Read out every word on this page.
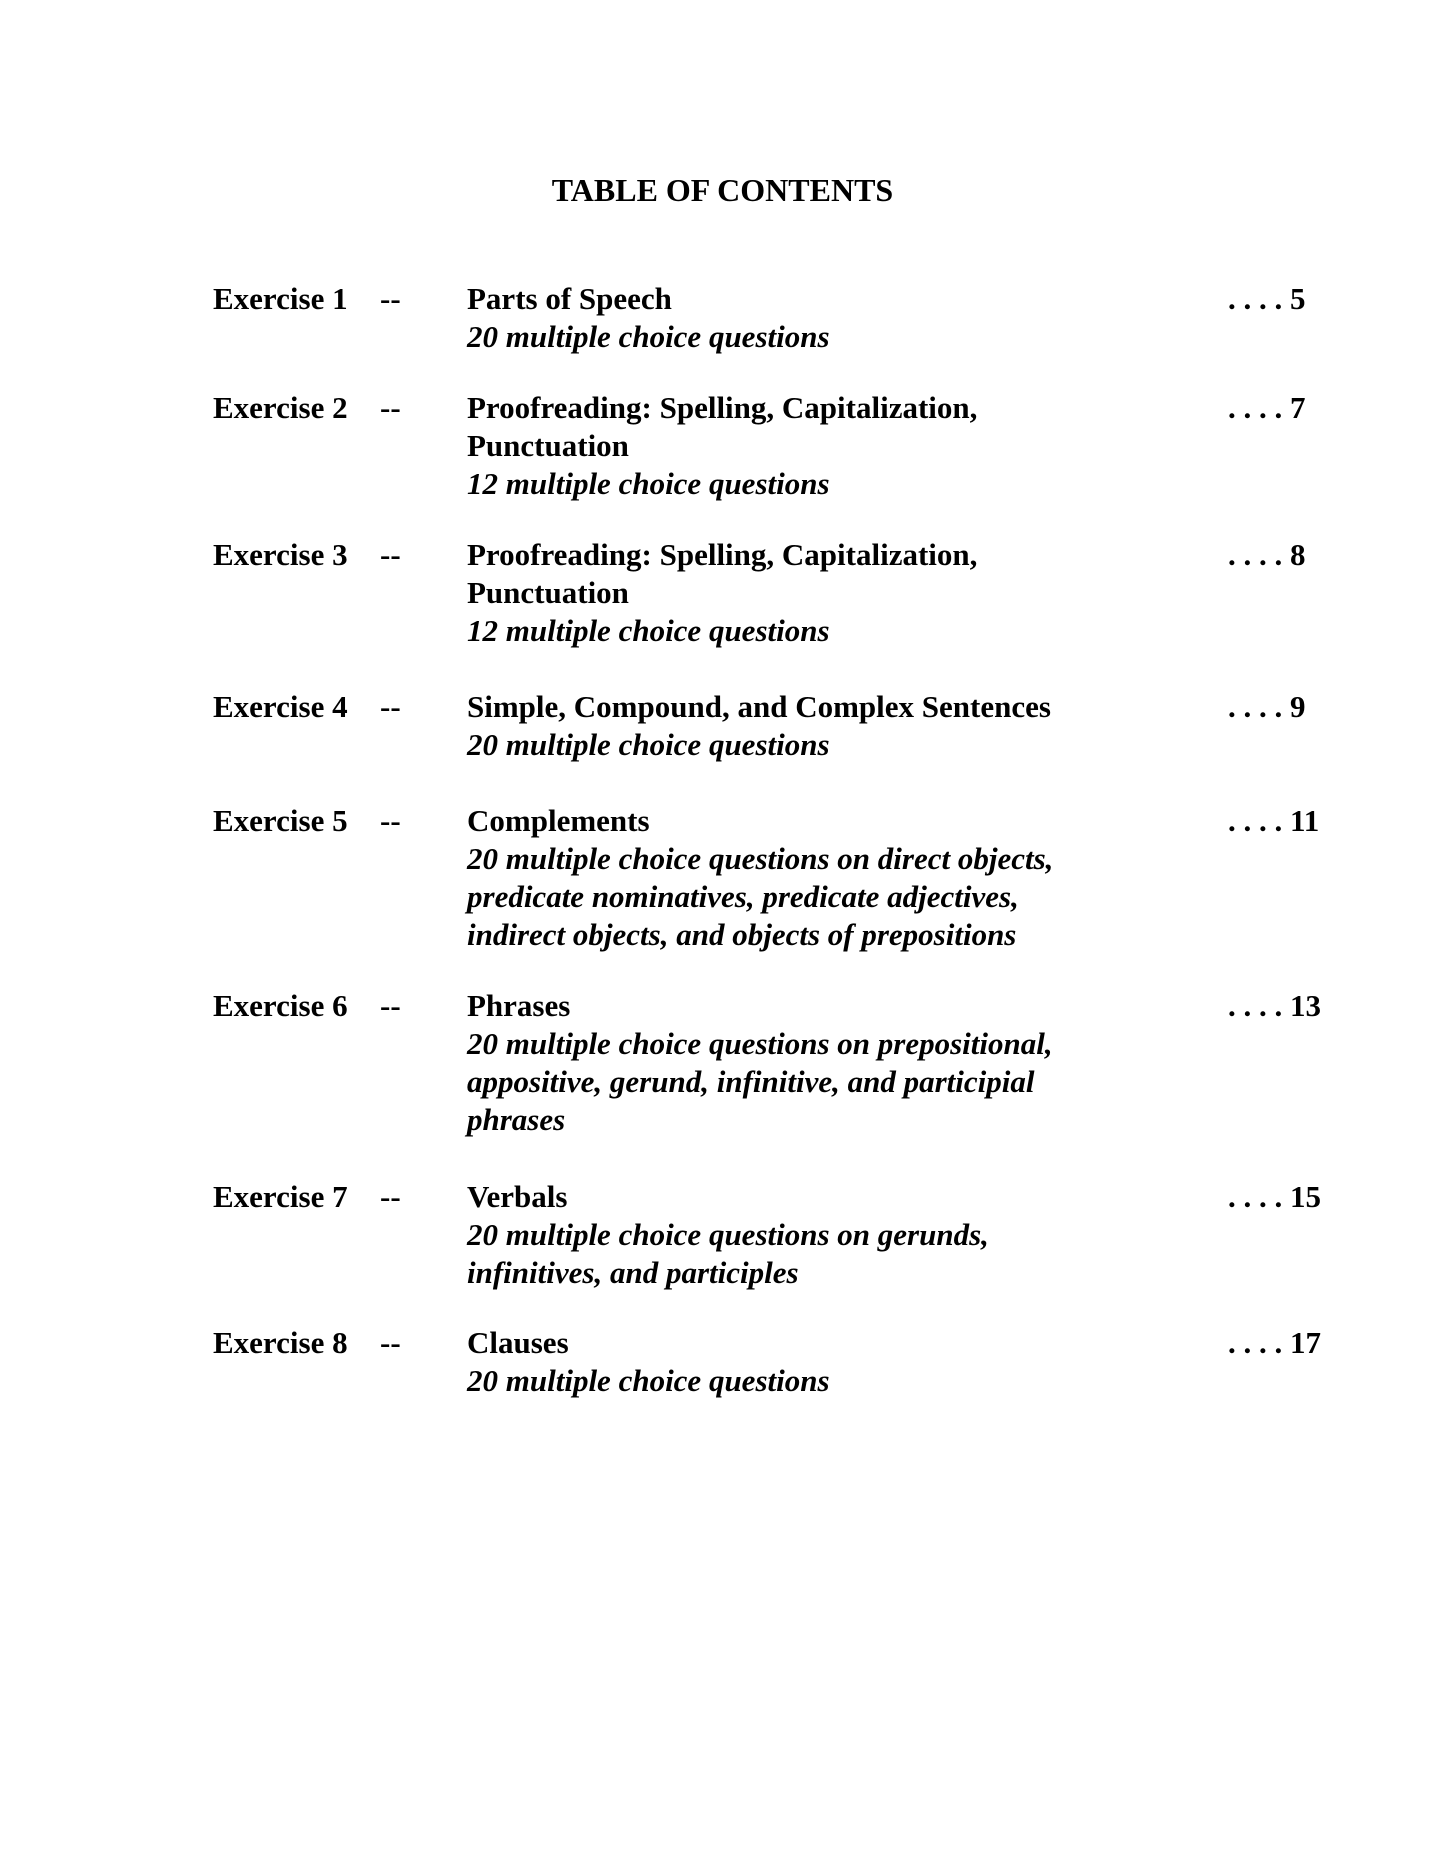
TABLE OF CONTENTS
Exercise 1 -- Parts of Speech
20 multiple choice questions
. . . . 5
Exercise 2 -- Proofreading: Spelling, Capitalization, Punctuation
12 multiple choice questions
. . . . 7
Exercise 3 -- Proofreading: Spelling, Capitalization, Punctuation
12 multiple choice questions
. . . . 8
Exercise 4 -- Simple, Compound, and Complex Sentences
20 multiple choice questions
. . . . 9
Exercise 5 -- Complements
20 multiple choice questions on direct objects, predicate nominatives, predicate adjectives, indirect objects, and objects of prepositions
. . . . 11
Exercise 6 -- Phrases
20 multiple choice questions on prepositional, appositive, gerund, infinitive, and participial phrases
. . . . 13
Exercise 7 -- Verbals
20 multiple choice questions on gerunds, infinitives, and participles
. . . . 15
Exercise 8 -- Clauses
20 multiple choice questions
. . . . 17
